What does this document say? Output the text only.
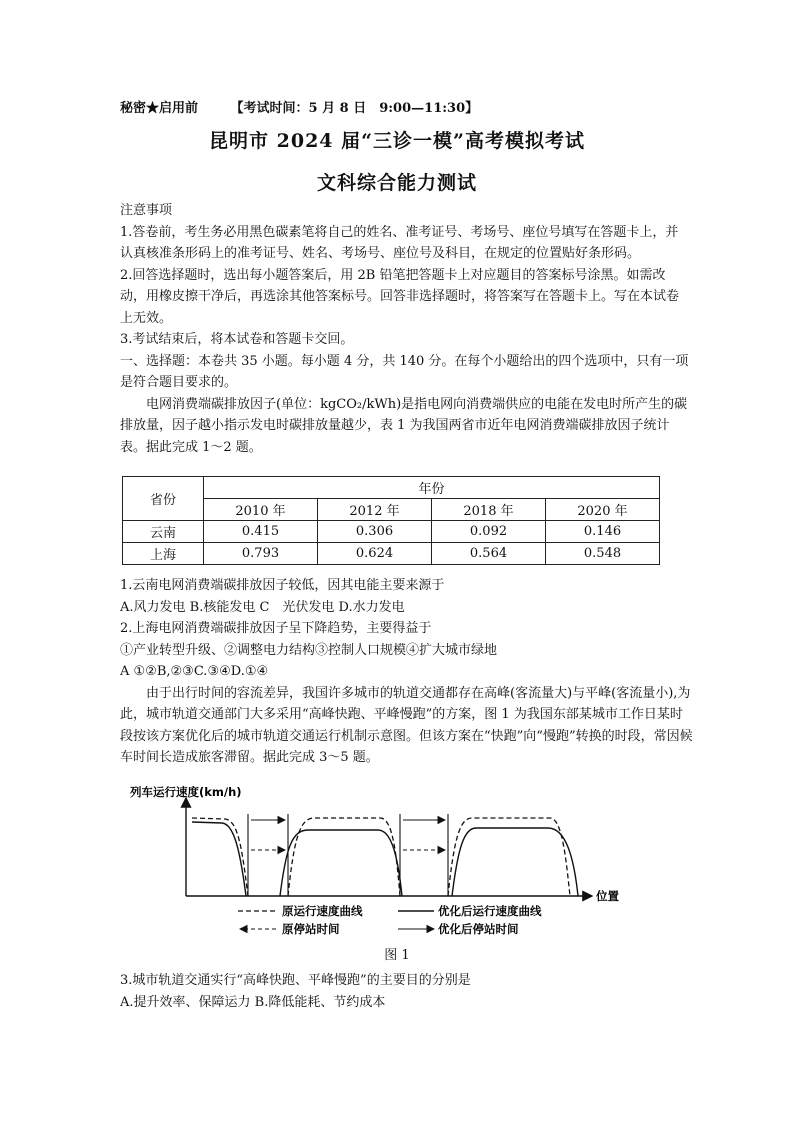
秘密★启用前	【考试时间：5 月 8 日　9:00—11:30】
昆明市 2024 届“三诊一模”高考模拟考试
文科综合能力测试

注意事项

1.答卷前，考生务必用黑色碳素笔将自己的姓名、准考证号、考场号、座位号填写在答题卡上，并认真核准条形码上的准考证号、姓名、考场号、座位号及科目，在规定的位置贴好条形码。

2.回答选择题时，选出每小题答案后，用 2B 铅笔把答题卡上对应题目的答案标号涂黑。如需改动，用橡皮擦干净后，再选涂其他答案标号。回答非选择题时，将答案写在答题卡上。写在本试卷上无效。

3.考试结束后，将本试卷和答题卡交回。

一、选择题：本卷共 35 小题。每小题 4 分，共 140 分。在每个小题给出的四个选项中，只有一项是符合题目要求的。

电网消费端碳排放因子(单位：kgCO₂/kWh)是指电网向消费端供应的电能在发电时所产生的碳排放量，因子越小指示发电时碳排放量越少，表 1 为我国两省市近年电网消费端碳排放因子统计表。据此完成 1～2 题。

省份	年份			
	2010 年	2012 年	2018 年	2020 年
云南	0.415	0.306	0.092	0.146
上海	0.793	0.624	0.564	0.548

1.云南电网消费端碳排放因子较低，因其电能主要来源于

A.风力发电 B.核能发电 C　光伏发电 D.水力发电

2.上海电网消费端碳排放因子呈下降趋势，主要得益于

①产业转型升级、②调整电力结构③控制人口规模④扩大城市绿地

A ①②B,②③C.③④D.①④

由于出行时间的容流差异，我国许多城市的轨道交通都存在高峰(客流量大)与平峰(客流量小),为此，城市轨道交通部门大多采用“高峰快跑、平峰慢跑”的方案，图 1 为我国东部某城市工作日某时段按该方案优化后的城市轨道交通运行机制示意图。但该方案在“快跑”向“慢跑”转换的时段，常因候车时间长造成旅客滞留。据此完成 3～5 题。

列车运行速度(km/h)
位置
原运行速度曲线	优化后运行速度曲线
原停站时间	优化后停站时间
图 1

3.城市轨道交通实行“高峰快跑、平峰慢跑”的主要目的分别是

A.提升效率、保障运力 B.降低能耗、节约成本
